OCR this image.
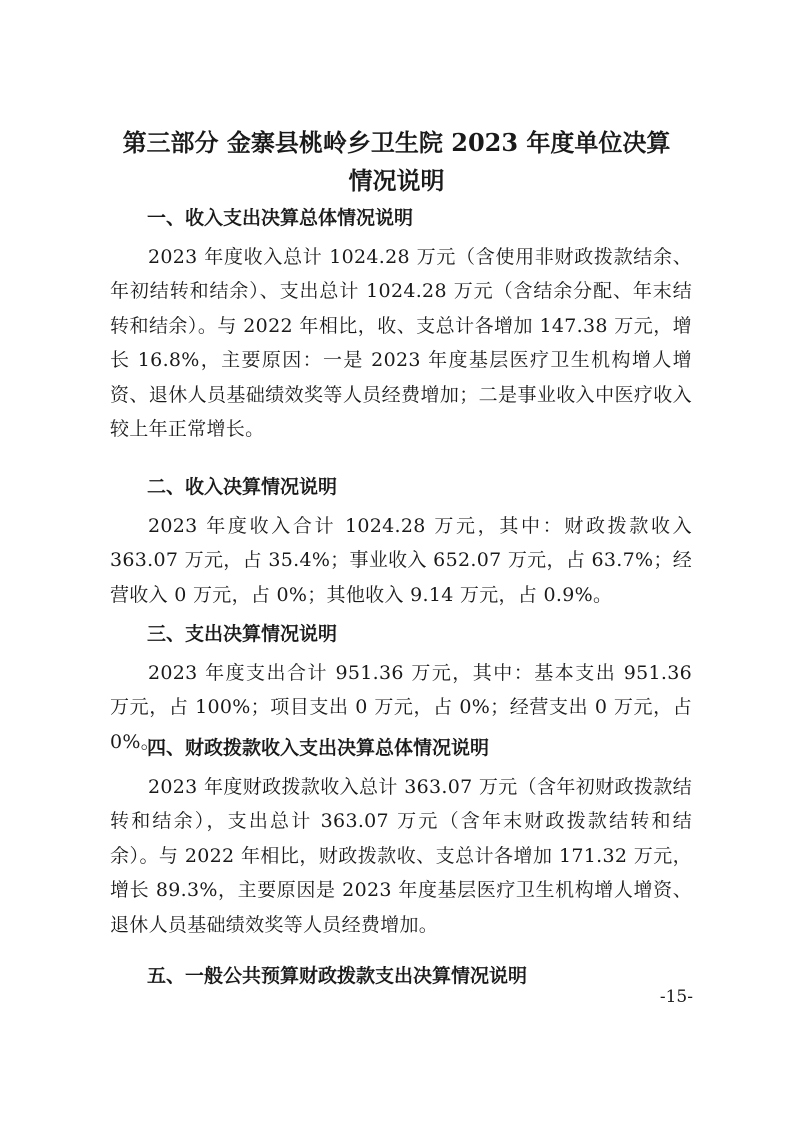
第三部分 金寨县桃岭乡卫生院 2023 年度单位决算
情况说明
一、收入支出决算总体情况说明

2023 年度收入总计 1024.28 万元（含使用非财政拨款结余、年初结转和结余）、支出总计 1024.28 万元（含结余分配、年末结转和结余）。与 2022 年相比，收、支总计各增加 147.38 万元，增长 16.8%，主要原因：一是 2023 年度基层医疗卫生机构增人增资、退休人员基础绩效奖等人员经费增加；二是事业收入中医疗收入较上年正常增长。

二、收入决算情况说明

2023 年度收入合计 1024.28 万元，其中：财政拨款收入 363.07 万元，占 35.4%；事业收入 652.07 万元，占 63.7%；经营收入 0 万元，占 0%；其他收入 9.14 万元，占 0.9%。

三、支出决算情况说明

2023 年度支出合计 951.36 万元，其中：基本支出 951.36 万元，占 100%；项目支出 0 万元，占 0%；经营支出 0 万元，占 0%。

四、财政拨款收入支出决算总体情况说明

2023 年度财政拨款收入总计 363.07 万元（含年初财政拨款结转和结余），支出总计 363.07 万元（含年末财政拨款结转和结余）。与 2022 年相比，财政拨款收、支总计各增加 171.32 万元，增长 89.3%，主要原因是 2023 年度基层医疗卫生机构增人增资、退休人员基础绩效奖等人员经费增加。

五、一般公共预算财政拨款支出决算情况说明
-15-
